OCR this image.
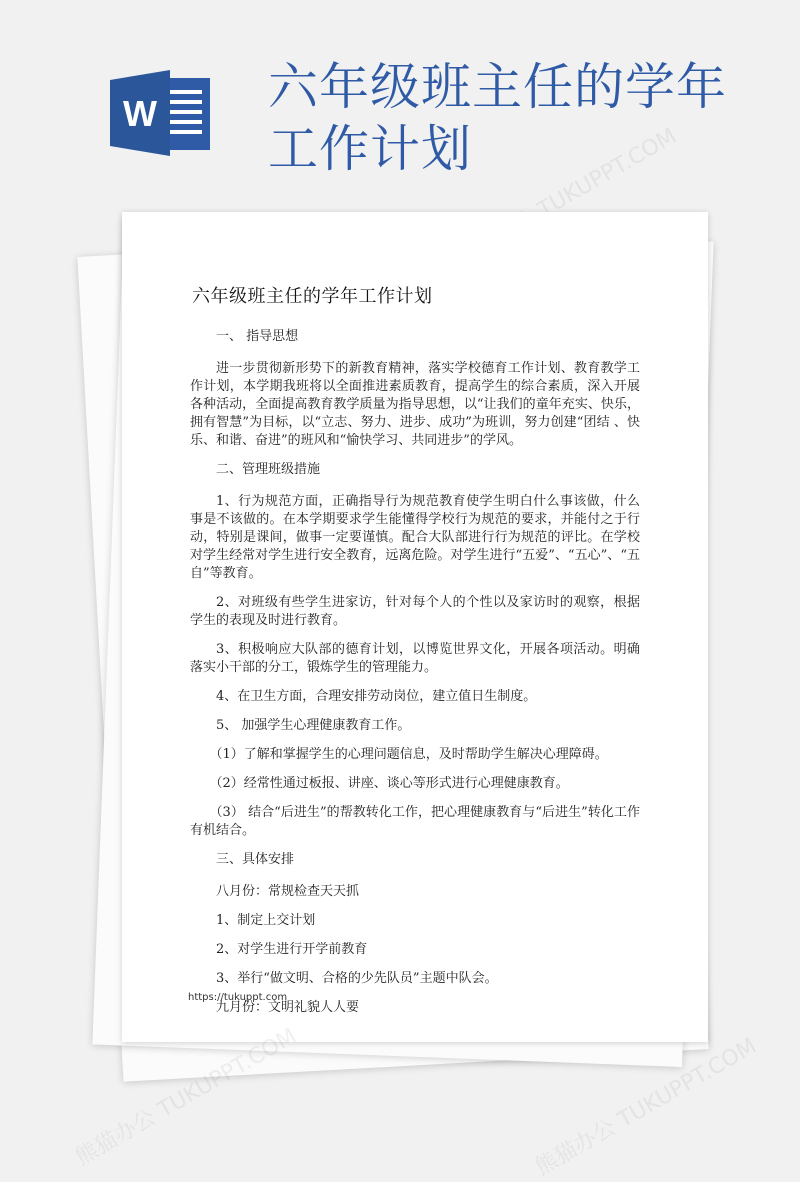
W 六年级班主任的学年工作计划
熊猫办公 TUKUPPT.COM
六年级班主任的学年工作计划

一、 指导思想

进一步贯彻新形势下的新教育精神，落实学校德育工作计划、教育教学工作计划，本学期我班将以全面推进素质教育，提高学生的综合素质，深入开展各种活动，全面提高教育教学质量为指导思想，以“让我们的童年充实、快乐，拥有智慧”为目标，以“立志、努力、进步、成功”为班训，努力创建“团结 、快乐、和谐、奋进”的班风和“愉快学习、共同进步”的学风。

二、管理班级措施

1、行为规范方面，正确指导行为规范教育使学生明白什么事该做，什么事是不该做的。在本学期要求学生能懂得学校行为规范的要求，并能付之于行动，特别是课间，做事一定要谨慎。配合大队部进行行为规范的评比。在学校对学生经常对学生进行安全教育，远离危险。对学生进行“五爱”、“五心”、“五自”等教育。

2、对班级有些学生进家访，针对每个人的个性以及家访时的观察，根据学生的表现及时进行教育。

3、积极响应大队部的德育计划，以博览世界文化，开展各项活动。明确落实小干部的分工，锻炼学生的管理能力。

4、在卫生方面，合理安排劳动岗位，建立值日生制度。

5、 加强学生心理健康教育工作。

（1）了解和掌握学生的心理问题信息，及时帮助学生解决心理障碍。

（2）经常性通过板报、讲座、谈心等形式进行心理健康教育。

（3） 结合“后进生”的帮教转化工作，把心理健康教育与“后进生”转化工作有机结合。

三、具体安排

八月份：常规检查天天抓

1、制定上交计划

2、对学生进行开学前教育

3、举行“做文明、合格的少先队员”主题中队会。

九月份：文明礼貌人人要

https://tukuppt.com
熊猫办公 TUKUPPT.COM	熊猫办公 TUKUPPT.COM
